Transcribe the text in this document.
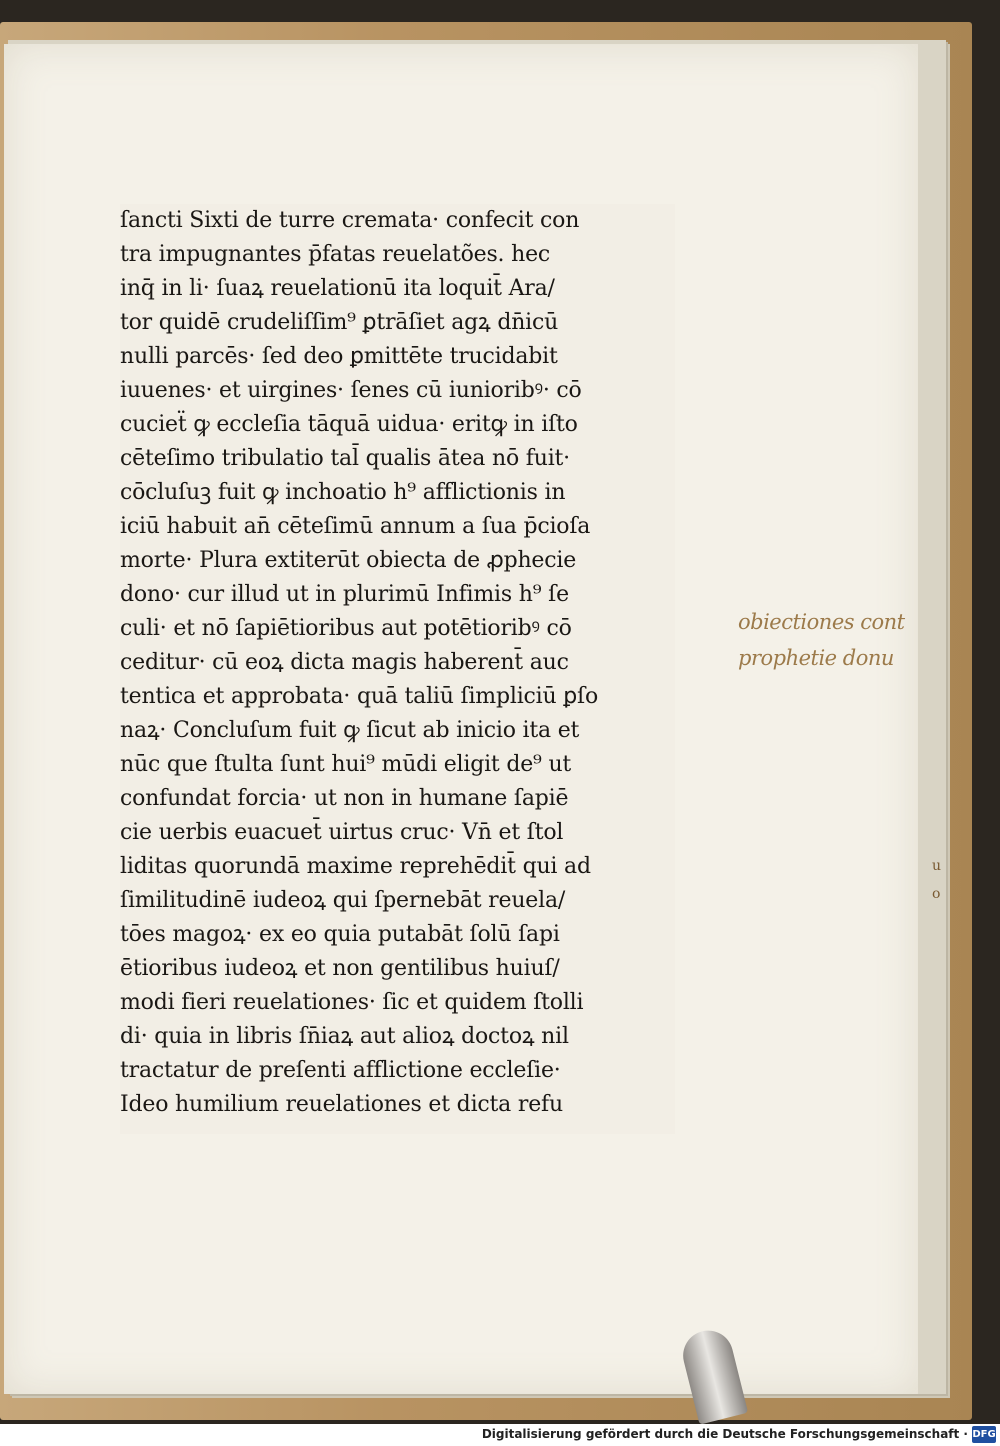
ſancti Sixti de turre cremata· confecit con
tra impugnantes p̄fatas reuelatões. hec
inq̄ in li· ſuaꝝ reuelationū ita loquit̄ Ara/
tor quidē crudeliſſim⁹ ꝑtrāſiet agꝝ dn̄icū
nulli parcēs· ſed deo ꝑmittēte trucidabit
iuuenes· et uirgines· ſenes cū iunioribꝰ· cō
cucieẗ ꝙ eccleſia tāquā uidua· eritꝙ in iſto
cēteſimo tribulatio tal̄ qualis ātea nō fuit·
cōcluſuꝫ fuit ꝙ inchoatio h⁹ afflictionis in
iciū habuit an̄ cēteſimū annum a ſua p̄cioſa
morte· Plura extiterūt obiecta de ꝓphecie
dono· cur illud ut in plurimū Infimis h⁹ ſe
culi· et nō ſapiētioribus aut potētioribꝰ cō
ceditur· cū eoꝝ dicta magis haberent̄ auc
tentica et approbata· quā taliū ſimpliciū ꝑſo
naꝝ· Concluſum fuit ꝙ ſicut ab inicio ita et
nūc que ſtulta ſunt hui⁹ mūdi eligit de⁹ ut
confundat forcia· ut non in humane ſapiē
cie uerbis euacuet̄ uirtus cruc· Vn̄ et ſtol
liditas quorundā maxime reprehēdit̄ qui ad
ſimilitudinē iudeoꝝ qui ſpernebāt reuela/
tōes magoꝝ· ex eo quia putabāt ſolū ſapi
ētioribus iudeoꝝ et non gentilibus huiuſ/
modi fieri reuelationes· ſic et quidem ſtolli
di· quia in libris ſn̄iaꝝ aut alioꝝ doctoꝝ nil
tractatur de preſenti afflictione eccleſie·
Ideo humilium reuelationes et dicta refu
obiectiones cont
prophetie donu
u
o
Digitalisierung gefördert durch die Deutsche Forschungsgemeinschaft · DFG
